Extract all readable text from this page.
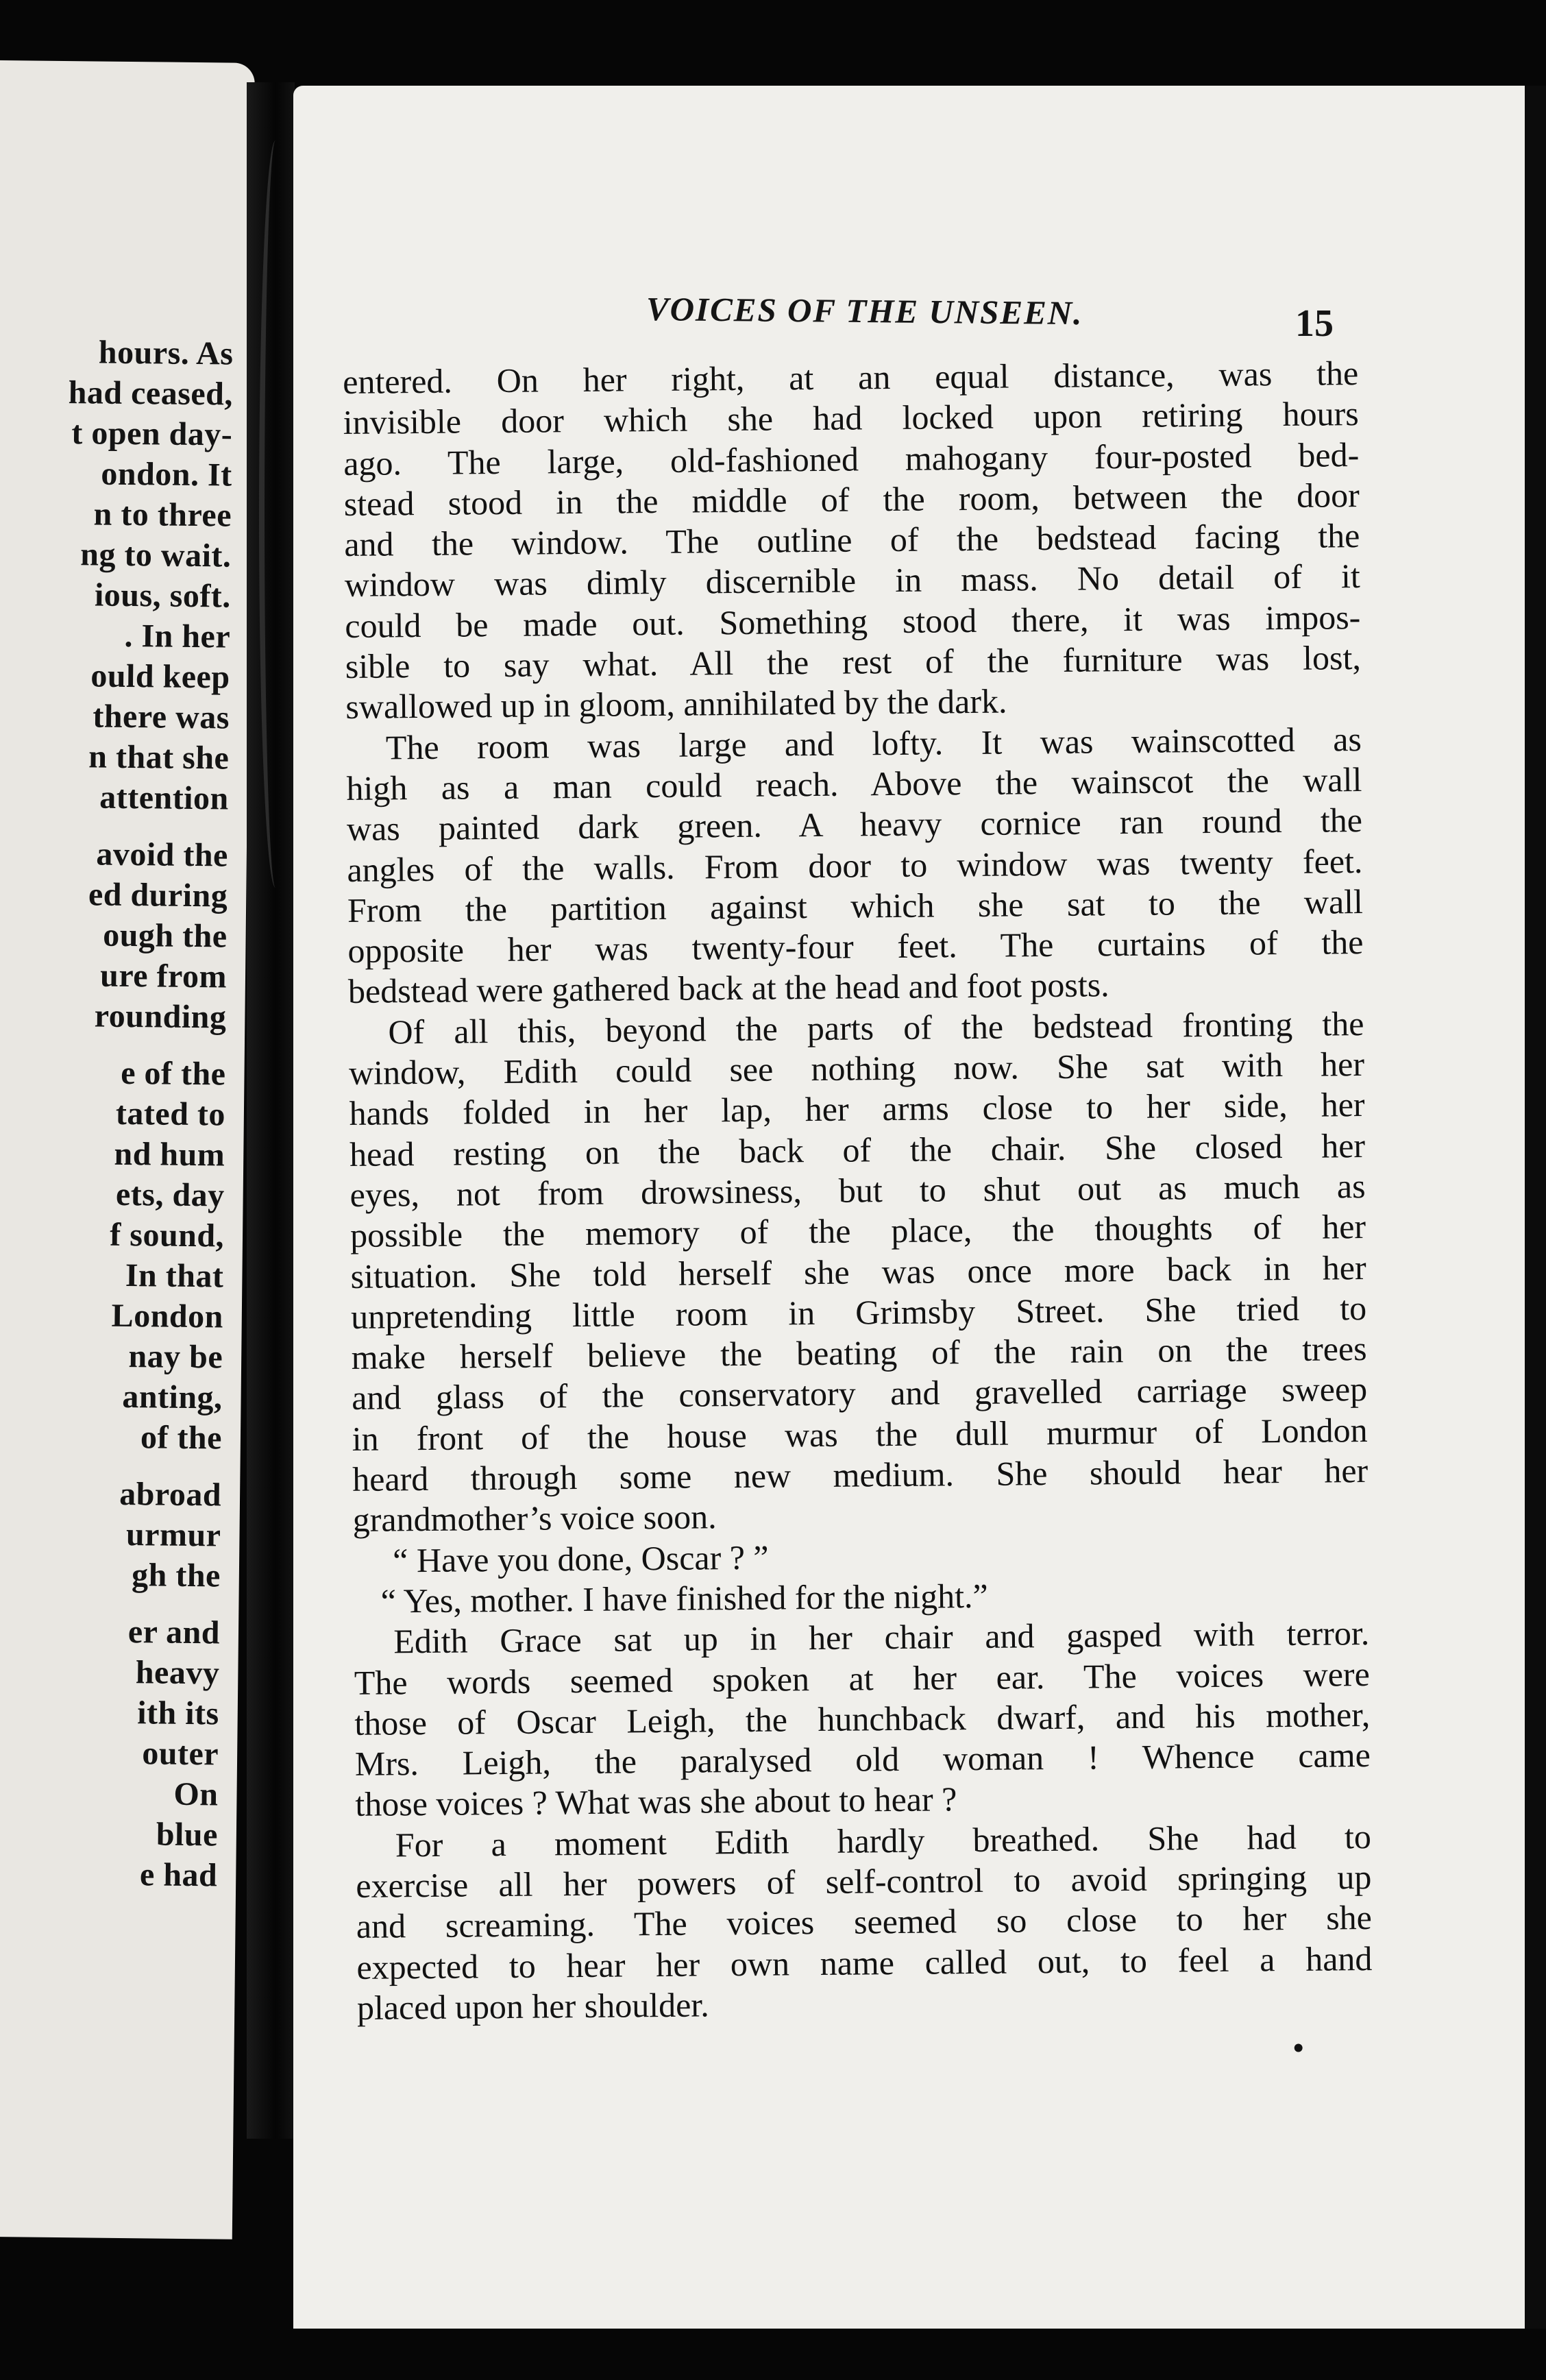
hours. As
had ceased,
t open day-
ondon. It
n to three
ng to wait.
ious, soft.
. In her
ould keep
there was
n that she
attention
avoid the
ed during
ough the
ure from
rounding
e of the
tated to
nd hum
ets, day
f sound,
In that
London
nay be
anting,
of the
abroad
urmur
gh the
er and
heavy
ith its
outer
On
blue
e had
VOICES OF THE UNSEEN.	15
entered. On her right, at an equal distance, was the
invisible door which she had locked upon retiring hours
ago. The large, old-fashioned mahogany four-posted bed-
stead stood in the middle of the room, between the door
and the window. The outline of the bedstead facing the
window was dimly discernible in mass. No detail of it
could be made out. Something stood there, it was impos-
sible to say what. All the rest of the furniture was lost,
swallowed up in gloom, annihilated by the dark.
The room was large and lofty. It was wainscotted as
high as a man could reach. Above the wainscot the wall
was painted dark green. A heavy cornice ran round the
angles of the walls. From door to window was twenty feet.
From the partition against which she sat to the wall
opposite her was twenty-four feet. The curtains of the
bedstead were gathered back at the head and foot posts.
Of all this, beyond the parts of the bedstead fronting the
window, Edith could see nothing now. She sat with her
hands folded in her lap, her arms close to her side, her
head resting on the back of the chair. She closed her
eyes, not from drowsiness, but to shut out as much as
possible the memory of the place, the thoughts of her
situation. She told herself she was once more back in her
unpretending little room in Grimsby Street. She tried to
make herself believe the beating of the rain on the trees
and glass of the conservatory and gravelled carriage sweep
in front of the house was the dull murmur of London
heard through some new medium. She should hear her
grandmother’s voice soon.
“ Have you done, Oscar ? ”
“ Yes, mother. I have finished for the night.”
Edith Grace sat up in her chair and gasped with terror.
The words seemed spoken at her ear. The voices were
those of Oscar Leigh, the hunchback dwarf, and his mother,
Mrs. Leigh, the paralysed old woman ! Whence came
those voices ? What was she about to hear ?
For a moment Edith hardly breathed. She had to
exercise all her powers of self-control to avoid springing up
and screaming. The voices seemed so close to her she
expected to hear her own name called out, to feel a hand
placed upon her shoulder.
•
